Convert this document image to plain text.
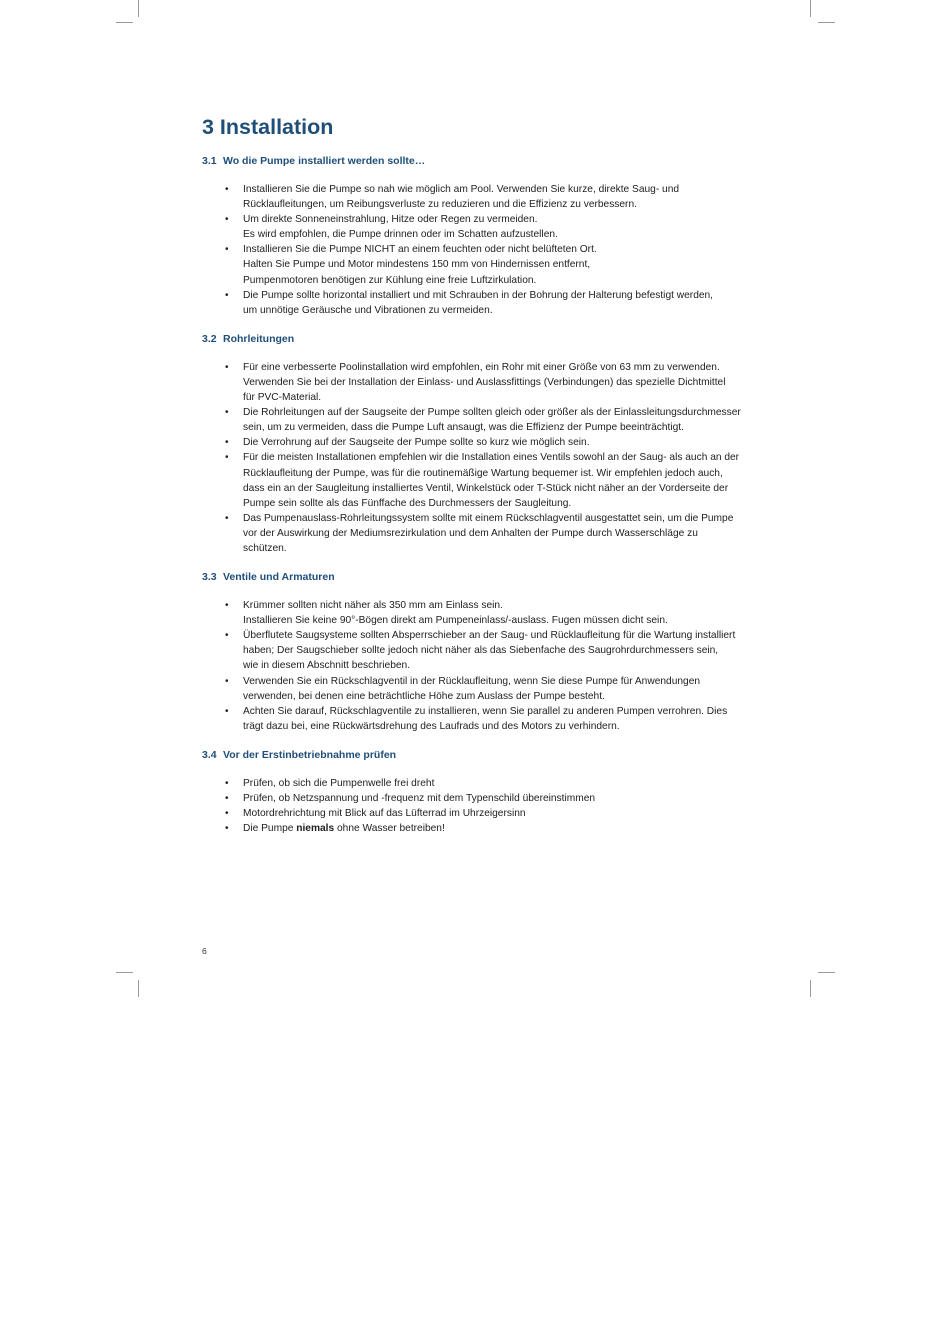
3 Installation
3.1 Wo die Pumpe installiert werden sollte…
• Installieren Sie die Pumpe so nah wie möglich am Pool. Verwenden Sie kurze, direkte Saug- und
Rücklaufleitungen, um Reibungsverluste zu reduzieren und die Effizienz zu verbessern.
• Um direkte Sonneneinstrahlung, Hitze oder Regen zu vermeiden.
Es wird empfohlen, die Pumpe drinnen oder im Schatten aufzustellen.
• Installieren Sie die Pumpe NICHT an einem feuchten oder nicht belüfteten Ort.
Halten Sie Pumpe und Motor mindestens 150 mm von Hindernissen entfernt,
Pumpenmotoren benötigen zur Kühlung eine freie Luftzirkulation.
• Die Pumpe sollte horizontal installiert und mit Schrauben in der Bohrung der Halterung befestigt werden,
um unnötige Geräusche und Vibrationen zu vermeiden.
3.2 Rohrleitungen
• Für eine verbesserte Poolinstallation wird empfohlen, ein Rohr mit einer Größe von 63 mm zu verwenden.
Verwenden Sie bei der Installation der Einlass- und Auslassfittings (Verbindungen) das spezielle Dichtmittel
für PVC-Material.
• Die Rohrleitungen auf der Saugseite der Pumpe sollten gleich oder größer als der Einlassleitungsdurchmesser
sein, um zu vermeiden, dass die Pumpe Luft ansaugt, was die Effizienz der Pumpe beeinträchtigt.
• Die Verrohrung auf der Saugseite der Pumpe sollte so kurz wie möglich sein.
• Für die meisten Installationen empfehlen wir die Installation eines Ventils sowohl an der Saug- als auch an der
Rücklaufleitung der Pumpe, was für die routinemäßige Wartung bequemer ist. Wir empfehlen jedoch auch,
dass ein an der Saugleitung installiertes Ventil, Winkelstück oder T-Stück nicht näher an der Vorderseite der
Pumpe sein sollte als das Fünffache des Durchmessers der Saugleitung.
• Das Pumpenauslass-Rohrleitungssystem sollte mit einem Rückschlagventil ausgestattet sein, um die Pumpe
vor der Auswirkung der Mediumsrezirkulation und dem Anhalten der Pumpe durch Wasserschläge zu
schützen.
3.3 Ventile und Armaturen
• Krümmer sollten nicht näher als 350 mm am Einlass sein.
Installieren Sie keine 90°-Bögen direkt am Pumpeneinlass/-auslass. Fugen müssen dicht sein.
• Überflutete Saugsysteme sollten Absperrschieber an der Saug- und Rücklaufleitung für die Wartung installiert
haben; Der Saugschieber sollte jedoch nicht näher als das Siebenfache des Saugrohrdurchmessers sein,
wie in diesem Abschnitt beschrieben.
• Verwenden Sie ein Rückschlagventil in der Rücklaufleitung, wenn Sie diese Pumpe für Anwendungen
verwenden, bei denen eine beträchtliche Höhe zum Auslass der Pumpe besteht.
• Achten Sie darauf, Rückschlagventile zu installieren, wenn Sie parallel zu anderen Pumpen verrohren. Dies
trägt dazu bei, eine Rückwärtsdrehung des Laufrads und des Motors zu verhindern.
3.4 Vor der Erstinbetriebnahme prüfen
• Prüfen, ob sich die Pumpenwelle frei dreht
• Prüfen, ob Netzspannung und -frequenz mit dem Typenschild übereinstimmen
• Motordrehrichtung mit Blick auf das Lüfterrad im Uhrzeigersinn
• Die Pumpe niemals ohne Wasser betreiben!
6
